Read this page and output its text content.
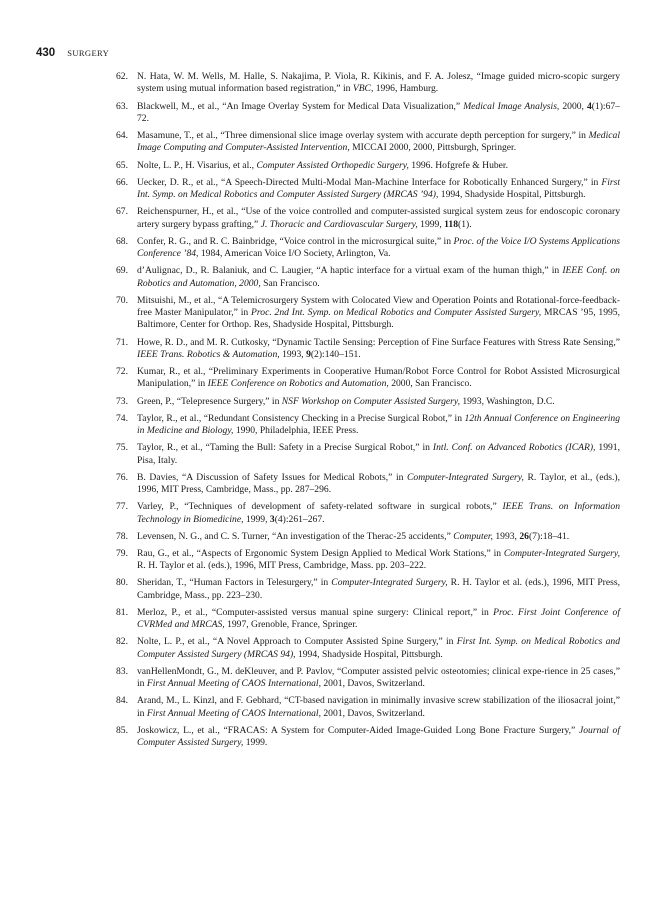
430 SURGERY
62. N. Hata, W. M. Wells, M. Halle, S. Nakajima, P. Viola, R. Kikinis, and F. A. Jolesz, “Image guided micro-scopic surgery system using mutual information based registration,” in VBC, 1996, Hamburg.
63. Blackwell, M., et al., “An Image Overlay System for Medical Data Visualization,” Medical Image Analysis, 2000, 4(1):67–72.
64. Masamune, T., et al., “Three dimensional slice image overlay system with accurate depth perception for surgery,” in Medical Image Computing and Computer-Assisted Intervention, MICCAI 2000, 2000, Pittsburgh, Springer.
65. Nolte, L. P., H. Visarius, et al., Computer Assisted Orthopedic Surgery, 1996. Hofgrefe & Huber.
66. Uecker, D. R., et al., “A Speech-Directed Multi-Modal Man-Machine Interface for Robotically Enhanced Surgery,” in First Int. Symp. on Medical Robotics and Computer Assisted Surgery (MRCAS ’94), 1994, Shadyside Hospital, Pittsburgh.
67. Reichenspurner, H., et al., “Use of the voice controlled and computer-assisted surgical system zeus for endoscopic coronary artery surgery bypass grafting,” J. Thoracic and Cardiovascular Surgery, 1999, 118(1).
68. Confer, R. G., and R. C. Bainbridge, “Voice control in the microsurgical suite,” in Proc. of the Voice I/O Systems Applications Conference ’84, 1984, American Voice I/O Society, Arlington, Va.
69. d’Aulignac, D., R. Balaniuk, and C. Laugier, “A haptic interface for a virtual exam of the human thigh,” in IEEE Conf. on Robotics and Automation, 2000, San Francisco.
70. Mitsuishi, M., et al., “A Telemicrosurgery System with Colocated View and Operation Points and Rotational-force-feedback-free Master Manipulator,” in Proc. 2nd Int. Symp. on Medical Robotics and Computer Assisted Surgery, MRCAS ’95, 1995, Baltimore, Center for Orthop. Res, Shadyside Hospital, Pittsburgh.
71. Howe, R. D., and M. R. Cutkosky, “Dynamic Tactile Sensing: Perception of Fine Surface Features with Stress Rate Sensing,” IEEE Trans. Robotics & Automation, 1993, 9(2):140–151.
72. Kumar, R., et al., “Preliminary Experiments in Cooperative Human/Robot Force Control for Robot Assisted Microsurgical Manipulation,” in IEEE Conference on Robotics and Automation, 2000, San Francisco.
73. Green, P., “Telepresence Surgery,” in NSF Workshop on Computer Assisted Surgery, 1993, Washington, D.C.
74. Taylor, R., et al., “Redundant Consistency Checking in a Precise Surgical Robot,” in 12th Annual Conference on Engineering in Medicine and Biology, 1990, Philadelphia, IEEE Press.
75. Taylor, R., et al., “Taming the Bull: Safety in a Precise Surgical Robot,” in Intl. Conf. on Advanced Robotics (ICAR), 1991, Pisa, Italy.
76. B. Davies, “A Discussion of Safety Issues for Medical Robots,” in Computer-Integrated Surgery, R. Taylor, et al., (eds.), 1996, MIT Press, Cambridge, Mass., pp. 287–296.
77. Varley, P., “Techniques of development of safety-related software in surgical robots,” IEEE Trans. on Information Technology in Biomedicine, 1999, 3(4):261–267.
78. Levensen, N. G., and C. S. Turner, “An investigation of the Therac-25 accidents,” Computer, 1993, 26(7):18–41.
79. Rau, G., et al., “Aspects of Ergonomic System Design Applied to Medical Work Stations,” in Computer-Integrated Surgery, R. H. Taylor et al. (eds.), 1996, MIT Press, Cambridge, Mass. pp. 203–222.
80. Sheridan, T., “Human Factors in Telesurgery,” in Computer-Integrated Surgery, R. H. Taylor et al. (eds.), 1996, MIT Press, Cambridge, Mass., pp. 223–230.
81. Merloz, P., et al., “Computer-assisted versus manual spine surgery: Clinical report,” in Proc. First Joint Conference of CVRMed and MRCAS, 1997, Grenoble, France, Springer.
82. Nolte, L. P., et al., “A Novel Approach to Computer Assisted Spine Surgery,” in First Int. Symp. on Medical Robotics and Computer Assisted Surgery (MRCAS 94), 1994, Shadyside Hospital, Pittsburgh.
83. vanHellenMondt, G., M. deKleuver, and P. Pavlov, “Computer assisted pelvic osteotomies; clinical expe-rience in 25 cases,” in First Annual Meeting of CAOS International, 2001, Davos, Switzerland.
84. Arand, M., L. Kinzl, and F. Gebhard, “CT-based navigation in minimally invasive screw stabilization of the iliosacral joint,” in First Annual Meeting of CAOS International, 2001, Davos, Switzerland.
85. Joskowicz, L., et al., “FRACAS: A System for Computer-Aided Image-Guided Long Bone Fracture Surgery,” Journal of Computer Assisted Surgery, 1999.
